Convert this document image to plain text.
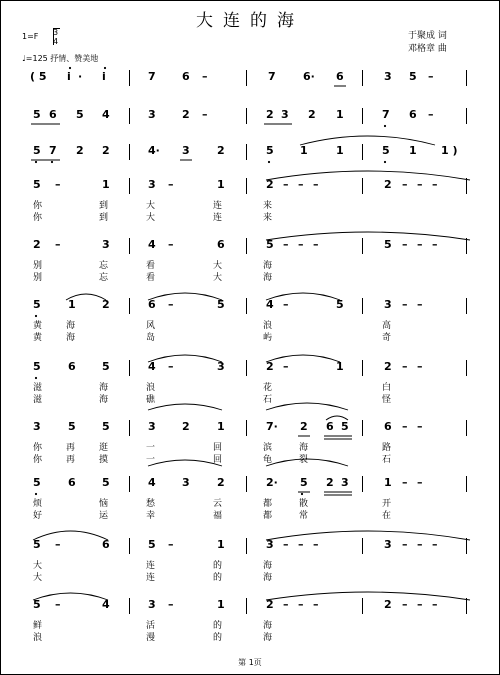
大连的海
于聚成 词
邓格章 曲
1=F 3
4
♩=125 抒情、赞美地
( 5 i · i	7 6 –	7 6· 6	3 5 –
5 6 5 4	3 2 –	2 3 2 1	7 6 –
5 7 2 2	4· 3 2	5 1	1	5 1 1 )
5 –	1	3 –	1	2 – – –	2 – – –
你	到	大	连	来
你	到	大	连	来
2 –	3	4 –	6	5 – – –	5 – – –
别	忘	看	大	海
别	忘	看	大	海
5 1 2	6 –	5	4 –	5	3 – –
黄	海	风	浪	高
黄	海	岛	屿	奇
5 6 5	4 –	3	2 –	1	2 – –
滋	海	浪	花	白
滋	海	礁	石	怪
3 5 5	3 2 1	7· 2 6 5	6 – –
你	再	逛	一	回	滨	海	路
你	再	摸	一	回	龟	裂	石
5 6 5	4 3 2	2· 5 2 3	1 – –
烦	恼	愁	云	都	散	开
好	运	幸	福	都	常	在
5 –	6	5 –	1	3 – – –	3 – – –
大	连	的	海
大	连	的	海
5 –	4	3 –	1	2 – – –	2 – – –
鲜	活	的	海
浪	漫	的	海
第 1页
